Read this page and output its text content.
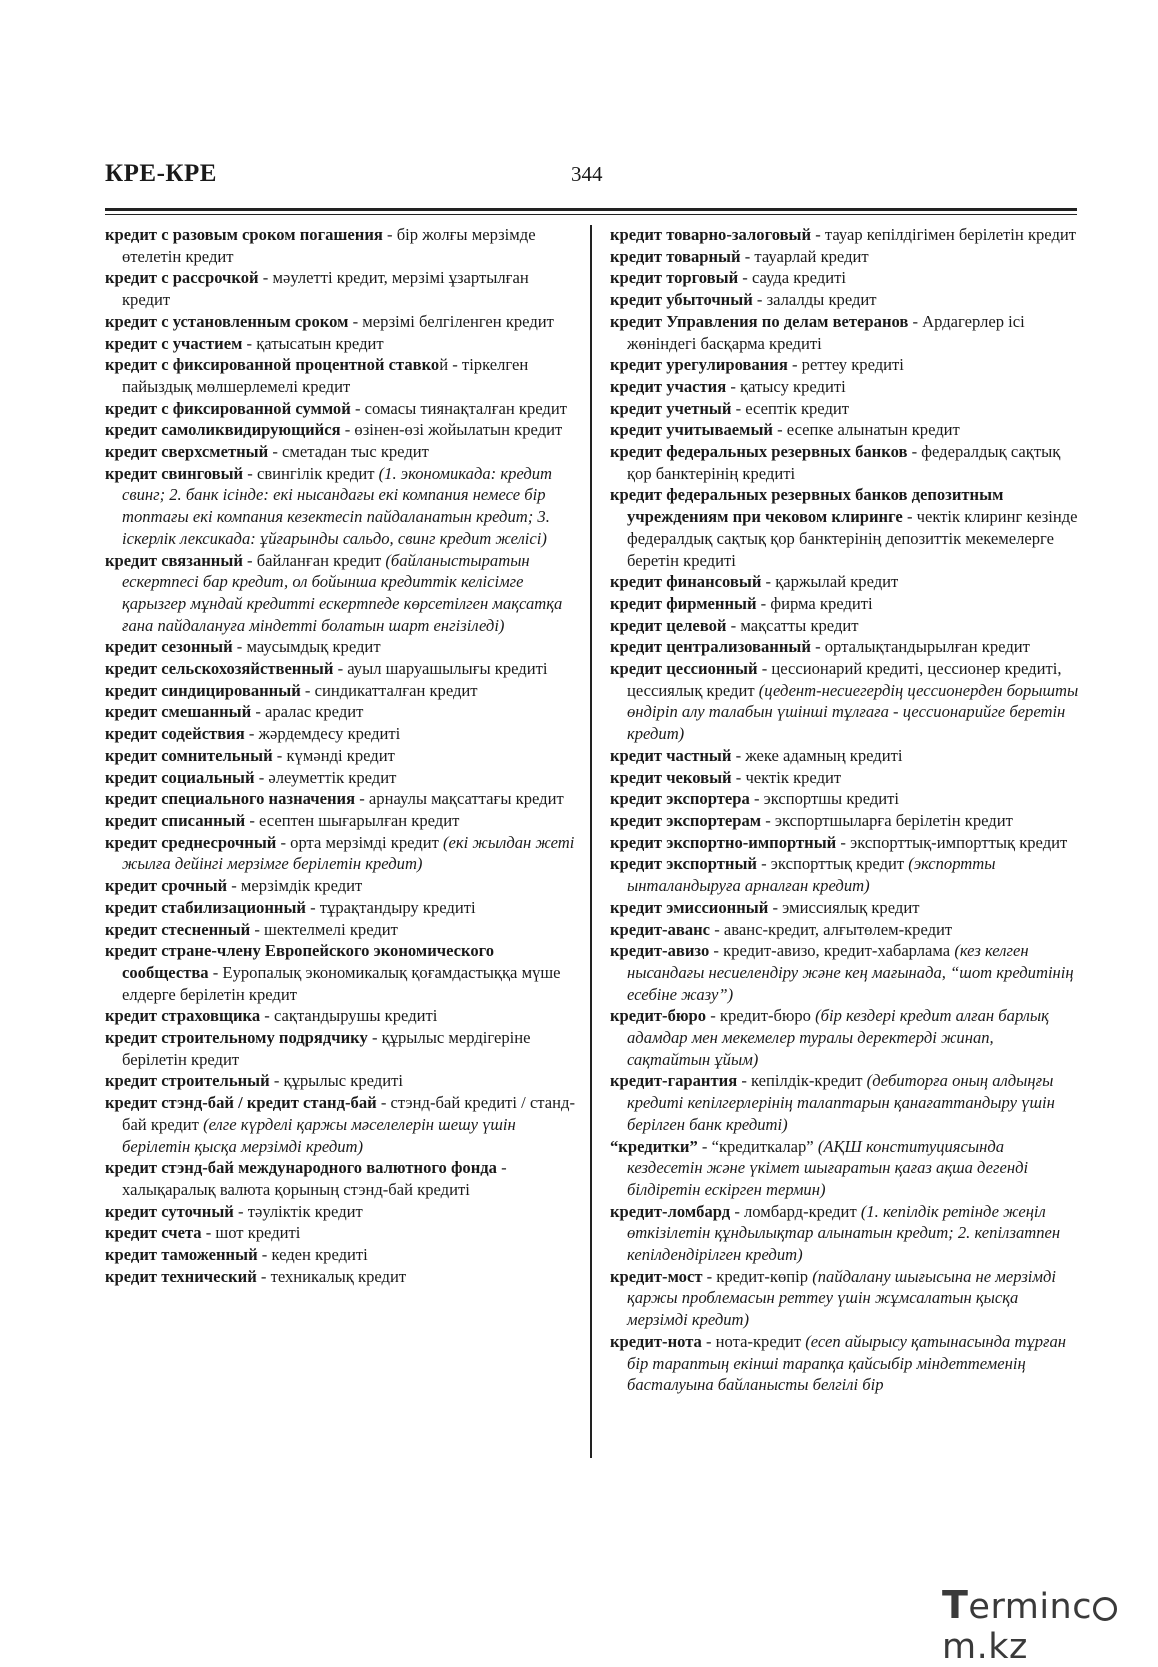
КРЕ-КРЕ	344

кредит с разовым сроком погашения - бір жолғы мерзімде өтелетін кредит

кредит с рассрочкой - мәулетті кредит, мерзімі ұзартылған кредит

кредит с установленным сроком - мерзімі белгіленген кредит

кредит с участием - қатысатын кредит

кредит с фиксированной процентной ставкой - тіркелген пайыздық мөлшерлемелі кредит

кредит с фиксированной суммой - сомасы тиянақталған кредит

кредит самоликвидирующийся - өзінен-өзі жойылатын кредит

кредит сверхсметный - сметадан тыс кредит

кредит свинговый - свингілік кредит (1. экономикада: кредит свинг; 2. банк ісінде: екі нысандағы екі компания немесе бір топтағы екі компания кезектесіп пайдаланатын кредит; 3. іскерлік лексикада: ұйғарынды сальдо, свинг кредит желісі)

кредит связанный - байланған кредит (байланыстыратын ескертпесі бар кредит, ол бойынша кредиттік келісімге қарызгер мұндай кредитті ескертпеде көрсетілген мақсатқа ғана пайдалануға міндетті болатын шарт енгізіледі)

кредит сезонный - маусымдық кредит

кредит сельскохозяйственный - ауыл шаруашылығы кредиті

кредит синдицированный - синдикатталған кредит

кредит смешанный - аралас кредит

кредит содействия - жәрдемдесу кредиті

кредит сомнительный - күмәнді кредит

кредит социальный - әлеуметтік кредит

кредит специального назначения - арнаулы мақсаттағы кредит

кредит списанный - есептен шығарылған кредит

кредит среднесрочный - орта мерзімді кредит (екі жылдан жеті жылға дейінгі мерзімге берілетін кредит)

кредит срочный - мерзімдік кредит

кредит стабилизационный - тұрақтандыру кредиті

кредит стесненный - шектелмелі кредит

кредит стране-члену Европейского экономического сообщества - Еуропалық экономикалық қоғамдастыққа мүше елдерге берілетін кредит

кредит страховщика - сақтандырушы кредиті

кредит строительному подрядчику - құрылыс мердігеріне берілетін кредит

кредит строительный - құрылыс кредиті

кредит стэнд-бай / кредит станд-бай - стэнд-бай кредиті / станд-бай кредит (елге күрделі қаржы мәселелерін шешу үшін берілетін қысқа мерзімді кредит)

кредит стэнд-бай международного валютного фонда - халықаралық валюта қорының стэнд-бай кредиті

кредит суточный - тәуліктік кредит

кредит счета - шот кредиті

кредит таможенный - кеден кредиті

кредит технический - техникалық кредит

кредит товарно-залоговый - тауар кепілдігімен берілетін кредит

кредит товарный - тауарлай кредит

кредит торговый - сауда кредиті

кредит убыточный - залалды кредит

кредит Управления по делам ветеранов - Ардагерлер ісі жөніндегі басқарма кредиті

кредит урегулирования - реттеу кредиті

кредит участия - қатысу кредиті

кредит учетный - есептік кредит

кредит учитываемый - есепке алынатын кредит

кредит федеральных резервных банков - федералдық сақтық қор банктерінің кредиті

кредит федеральных резервных банков депозитным учреждениям при чековом клиринге - чектік клиринг кезінде федералдық сақтық қор банктерінің депозиттік мекемелерге беретін кредиті

кредит финансовый - қаржылай кредит

кредит фирменный - фирма кредиті

кредит целевой - мақсатты кредит

кредит централизованный - орталықтандырылған кредит

кредит цессионный - цессионарий кредиті, цессионер кредиті, цессиялық кредит (цедент-несиегердің цессионерден борышты өндіріп алу талабын үшінші тұлғаға - цессионарийге беретін кредит)

кредит частный - жеке адамның кредиті

кредит чековый - чектік кредит

кредит экспортера - экспортшы кредиті

кредит экспортерам - экспортшыларға берілетін кредит

кредит экспортно-импортный - экспорттық-импорттық кредит

кредит экспортный - экспорттық кредит (экспортты ынталандыруға арналған кредит)

кредит эмиссионный - эмиссиялық кредит

кредит-аванс - аванс-кредит, алғытөлем-кредит

кредит-авизо - кредит-авизо, кредит-хабарлама (кез келген нысандағы несиелендіру және кең мағынада, “шот кредитінің есебіне жазу”)

кредит-бюро - кредит-бюро (бір кездері кредит алған барлық адамдар мен мекемелер туралы деректерді жинап, сақтайтын ұйым)

кредит-гарантия - кепілдік-кредит (дебиторға оның алдыңғы кредиті кепілгерлерінің талаптарын қанағаттандыру үшін берілген банк кредиті)

“кредитки” - “кредиткалар” (АҚШ конституциясында кездесетін және үкімет шығаратын қағаз ақша дегенді білдіретін ескірген термин)

кредит-ломбард - ломбард-кредит (1. кепілдік ретінде жеңіл өткізілетін құндылықтар алынатын кредит; 2. кепілзатпен кепілдендірілген кредит)

кредит-мост - кредит-көпір (пайдалану шығысына не мерзімді қаржы проблемасын реттеу үшін жұмсалатын қысқа мерзімді кредит)

кредит-нота - нота-кредит (есеп айырысу қатынасында тұрған бір тараптың екінші тарапқа қайсыбір міндеттеменің басталуына байланысты белгілі бір

Termincm.kz
